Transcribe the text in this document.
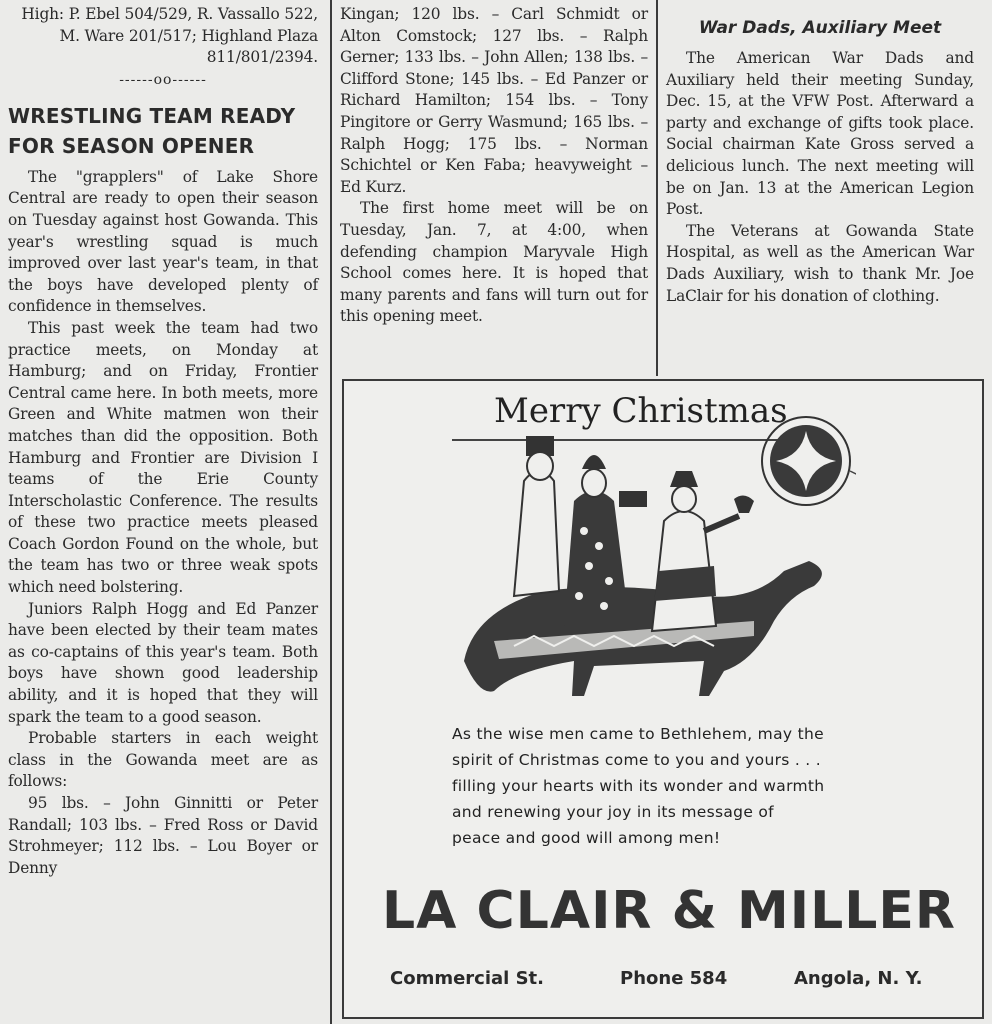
High: P. Ebel 504/529, R. Vassallo 522, M. Ware 201/517; Highland Plaza 811/801/2394.

------oo------
WRESTLING TEAM READY
FOR SEASON OPENER

The "grapplers" of Lake Shore Central are ready to open their season on Tuesday against host Gowanda. This year's wrestling squad is much improved over last year's team, in that the boys have developed plenty of confidence in themselves.

This past week the team had two practice meets, on Monday at Hamburg; and on Friday, Frontier Central came here. In both meets, more Green and White matmen won their matches than did the opposition. Both Hamburg and Frontier are Division I teams of the Erie County Interscholastic Conference. The results of these two practice meets pleased Coach Gordon Found on the whole, but the team has two or three weak spots which need bolstering.

Juniors Ralph Hogg and Ed Panzer have been elected by their team mates as co-captains of this year's team. Both boys have shown good leadership ability, and it is hoped that they will spark the team to a good season.

Probable starters in each weight class in the Gowanda meet are as follows:

95 lbs. – John Ginnitti or Peter Randall; 103 lbs. – Fred Ross or David Strohmeyer; 112 lbs. – Lou Boyer or Denny

Kingan; 120 lbs. – Carl Schmidt or Alton Comstock; 127 lbs. – Ralph Gerner; 133 lbs. – John Allen; 138 lbs. – Clifford Stone; 145 lbs. – Ed Panzer or Richard Hamilton; 154 lbs. – Tony Pingitore or Gerry Wasmund; 165 lbs. – Ralph Hogg; 175 lbs. – Norman Schichtel or Ken Faba; heavyweight – Ed Kurz.

The first home meet will be on Tuesday, Jan. 7, at 4:00, when defending champion Maryvale High School comes here. It is hoped that many parents and fans will turn out for this opening meet.

War Dads, Auxiliary Meet

The American War Dads and Auxiliary held their meeting Sunday, Dec. 15, at the VFW Post. Afterward a party and exchange of gifts took place. Social chairman Kate Gross served a delicious lunch. The next meeting will be on Jan. 13 at the American Legion Post.

The Veterans at Gowanda State Hospital, as well as the American War Dads Auxiliary, wish to thank Mr. Joe LaClair for his donation of clothing.

Merry Christmas
As the wise men came to Bethlehem, may the
spirit of Christmas come to you and yours . . .
filling your hearts with its wonder and warmth
and renewing your joy in its message of
peace and good will among men!
LA CLAIR & MILLER
Commercial St.	Phone 584	Angola, N. Y.
